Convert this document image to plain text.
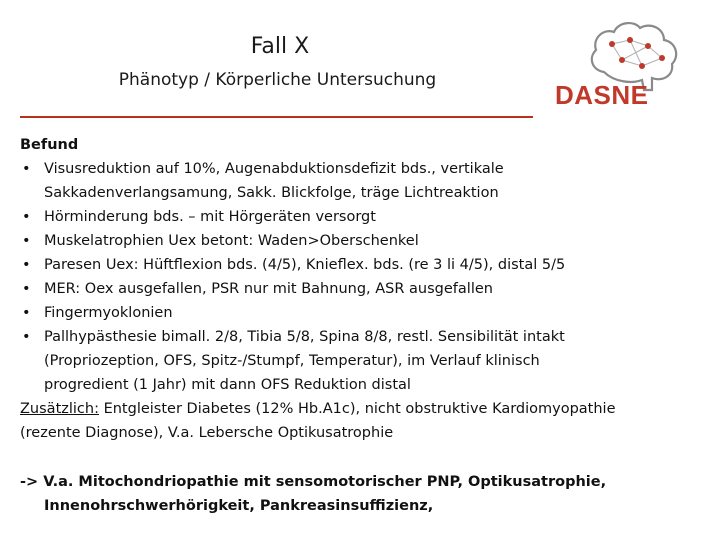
Fall X
Phänotyp / Körperliche Untersuchung	DASNE
Befund
• Visusreduktion auf 10%, Augenabduktionsdefizit bds., vertikale
Sakkadenverlangsamung, Sakk. Blickfolge, träge Lichtreaktion
• Hörminderung bds. – mit Hörgeräten versorgt
• Muskelatrophien Uex betont: Waden>Oberschenkel
• Paresen Uex: Hüftflexion bds. (4/5), Knieflex. bds. (re 3 li 4/5), distal 5/5
• MER: Oex ausgefallen, PSR nur mit Bahnung, ASR ausgefallen
• Fingermyoklonien
• Pallhypästhesie bimall. 2/8, Tibia 5/8, Spina 8/8, restl. Sensibilität intakt
(Propriozeption, OFS, Spitz-/Stumpf, Temperatur), im Verlauf klinisch
progredient (1 Jahr) mit dann OFS Reduktion distal
Zusätzlich: Entgleister Diabetes (12% Hb.A1c), nicht obstruktive Kardiomyopathie
(rezente Diagnose), V.a. Lebersche Optikusatrophie
-> V.a. Mitochondriopathie mit sensomotorischer PNP, Optikusatrophie,
Innenohrschwerhörigkeit, Pankreasinsuffizienz,
